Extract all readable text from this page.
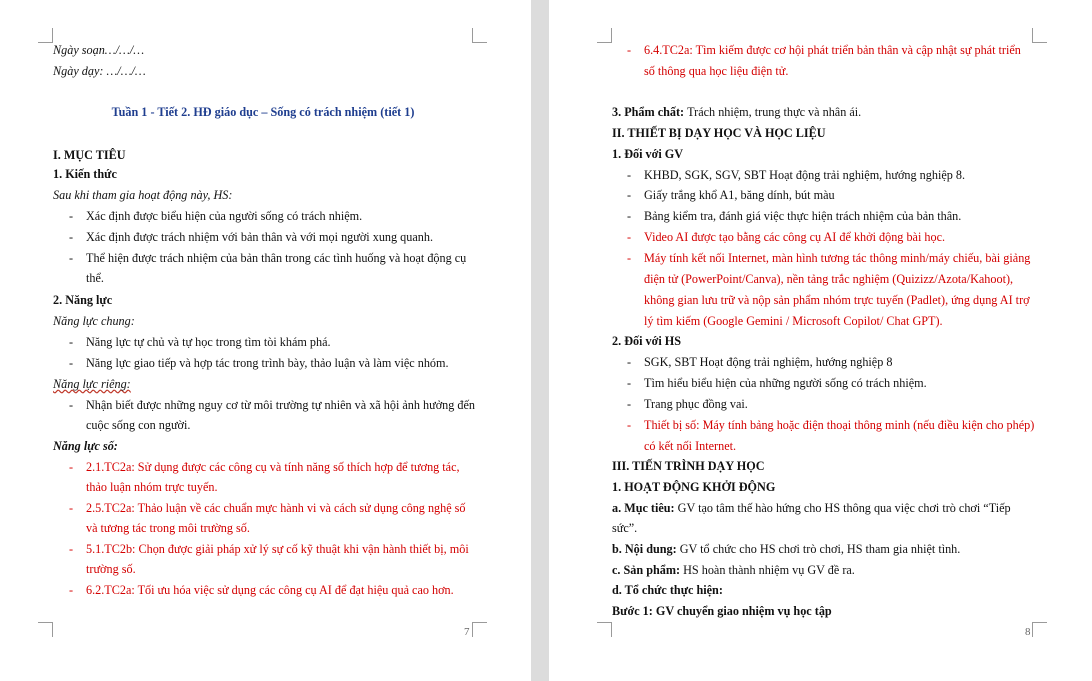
7
Ngày soạn…/…/…
Ngày dạy: …/…/…
Tuần 1 - Tiết 2. HĐ giáo dục – Sống có trách nhiệm (tiết 1)
I. MỤC TIÊU
1. Kiến thức
Sau khi tham gia hoạt động này, HS:
- Xác định được biểu hiện của người sống có trách nhiệm.
- Xác định được trách nhiệm với bản thân và với mọi người xung quanh.
- Thể hiện được trách nhiệm của bản thân trong các tình huống và hoạt động cụ
thể.
2. Năng lực
Năng lực chung:
- Năng lực tự chủ và tự học trong tìm tòi khám phá.
- Năng lực giao tiếp và hợp tác trong trình bày, thảo luận và làm việc nhóm.
Năng lực riêng:
- Nhận biết được những nguy cơ từ môi trường tự nhiên và xã hội ảnh hưởng đến
cuộc sống con người.
Năng lực số:
- 2.1.TC2a: Sử dụng được các công cụ và tính năng số thích hợp để tương tác,
thảo luận nhóm trực tuyến.
- 2.5.TC2a: Thảo luận về các chuẩn mực hành vi và cách sử dụng công nghệ số
và tương tác trong môi trường số.
- 5.1.TC2b: Chọn được giải pháp xử lý sự cố kỹ thuật khi vận hành thiết bị, môi
trường số.
- 6.2.TC2a: Tối ưu hóa việc sử dụng các công cụ AI để đạt hiệu quả cao hơn.
8
- 6.4.TC2a: Tìm kiếm được cơ hội phát triển bản thân và cập nhật sự phát triển
số thông qua học liệu điện tử.
3. Phẩm chất: Trách nhiệm, trung thực và nhân ái.
II. THIẾT BỊ DẠY HỌC VÀ HỌC LIỆU
1. Đối với GV
- KHBD, SGK, SGV, SBT Hoạt động trải nghiệm, hướng nghiệp 8.
- Giấy trắng khổ A1, băng dính, bút màu
- Bảng kiểm tra, đánh giá việc thực hiện trách nhiệm của bản thân.
- Video AI được tạo bằng các công cụ AI để khởi động bài học.
- Máy tính kết nối Internet, màn hình tương tác thông minh/máy chiếu, bài giảng
điện tử (PowerPoint/Canva), nền tảng trắc nghiệm (Quizizz/Azota/Kahoot),
không gian lưu trữ và nộp sản phẩm nhóm trực tuyến (Padlet), ứng dụng AI trợ
lý tìm kiếm (Google Gemini / Microsoft Copilot/ Chat GPT).
2. Đối với HS
- SGK, SBT Hoạt động trải nghiệm, hướng nghiệp 8
- Tìm hiểu biểu hiện của những người sống có trách nhiệm.
- Trang phục đồng vai.
- Thiết bị số: Máy tính bảng hoặc điện thoại thông minh (nếu điều kiện cho phép)
có kết nối Internet.
III. TIẾN TRÌNH DẠY HỌC
1. HOẠT ĐỘNG KHỞI ĐỘNG
a. Mục tiêu: GV tạo tâm thế hào hứng cho HS thông qua việc chơi trò chơi “Tiếp
sức”.
b. Nội dung: GV tổ chức cho HS chơi trò chơi, HS tham gia nhiệt tình.
c. Sản phẩm: HS hoàn thành nhiệm vụ GV đề ra.
d. Tổ chức thực hiện:
Bước 1: GV chuyển giao nhiệm vụ học tập
